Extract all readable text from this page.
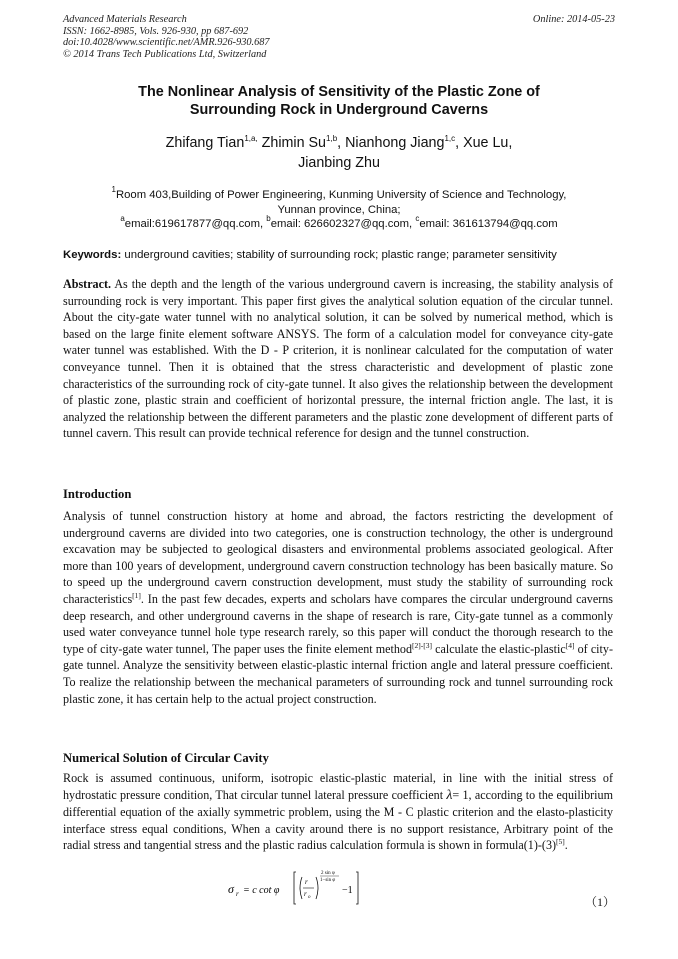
Advanced Materials Research
ISSN: 1662-8985, Vols. 926-930, pp 687-692
doi:10.4028/www.scientific.net/AMR.926-930.687
© 2014 Trans Tech Publications Ltd, Switzerland
Online: 2014-05-23
The Nonlinear Analysis of Sensitivity of the Plastic Zone of
Surrounding Rock in Underground Caverns
Zhifang Tian$^{1,a,}$ Zhimin Su$^{1,b}$, Nianhong Jiang$^{1,c}$, Xue Lu,
Jianbing Zhu
$^1$Room 403,Building of Power Engineering, Kunming University of Science and Technology,
Yunnan province, China;
$^a$email:619617877@qq.com, $^b$email: 626602327@qq.com, $^c$email: 361613794@qq.com
Keywords: underground cavities; stability of surrounding rock; plastic range; parameter sensitivity
Abstract. As the depth and the length of the various underground cavern is increasing, the stability analysis of surrounding rock is very important. This paper first gives the analytical solution equation of the circular tunnel. About the city-gate water tunnel with no analytical solution, it can be solved by numerical method, which is based on the large finite element software ANSYS. The form of a calculation model for conveyance city-gate water tunnel was established. With the D - P criterion, it is nonlinear calculated for the computation of water conveyance tunnel. Then it is obtained that the stress characteristic and development of plastic zone characteristics of the surrounding rock of city-gate tunnel. It also gives the relationship between the development of plastic zone, plastic strain and coefficient of horizontal pressure, the internal friction angle. The last, it is analyzed the relationship between the different parameters and the plastic zone development of different parts of tunnel cavern. This result can provide technical reference for design and the tunnel construction.
Introduction
Analysis of tunnel construction history at home and abroad, the factors restricting the development of underground caverns are divided into two categories, one is construction technology, the other is underground excavation may be subjected to geological disasters and environmental problems associated geological. After more than 100 years of development, underground cavern construction technology has been basically mature. So to speed up the underground cavern construction development, must study the stability of surrounding rock characteristics[1]. In the past few decades, experts and scholars have compares the circular underground caverns deep research, and other underground caverns in the shape of research is rare, City-gate tunnel as a commonly used water conveyance tunnel hole type research rarely, so this paper will conduct the thorough research to the type of city-gate water tunnel, The paper uses the finite element method[2]-[3] calculate the elastic-plastic[4] of city-gate tunnel. Analyze the sensitivity between elastic-plastic internal friction angle and lateral pressure coefficient. To realize the relationship between the mechanical parameters of surrounding rock and tunnel surrounding rock plastic zone, it has certain help to the actual project construction.
Numerical Solution of Circular Cavity
Rock is assumed continuous, uniform, isotropic elastic-plastic material, in line with the initial stress of hydrostatic pressure condition, That circular tunnel lateral pressure coefficient λ= 1, according to the equilibrium differential equation of the axially symmetric problem, using the M - C plastic criterion and the elasto-plasticity interface stress equal conditions, When a cavity around there is no support resistance, Arbitrary point of the radial stress and tangential stress and the plastic radius calculation formula is shown in formula(1)-(3)[5].
σ r = c cot φ
r
r o
2 sin φ
1−sin φ
−1
（1）
